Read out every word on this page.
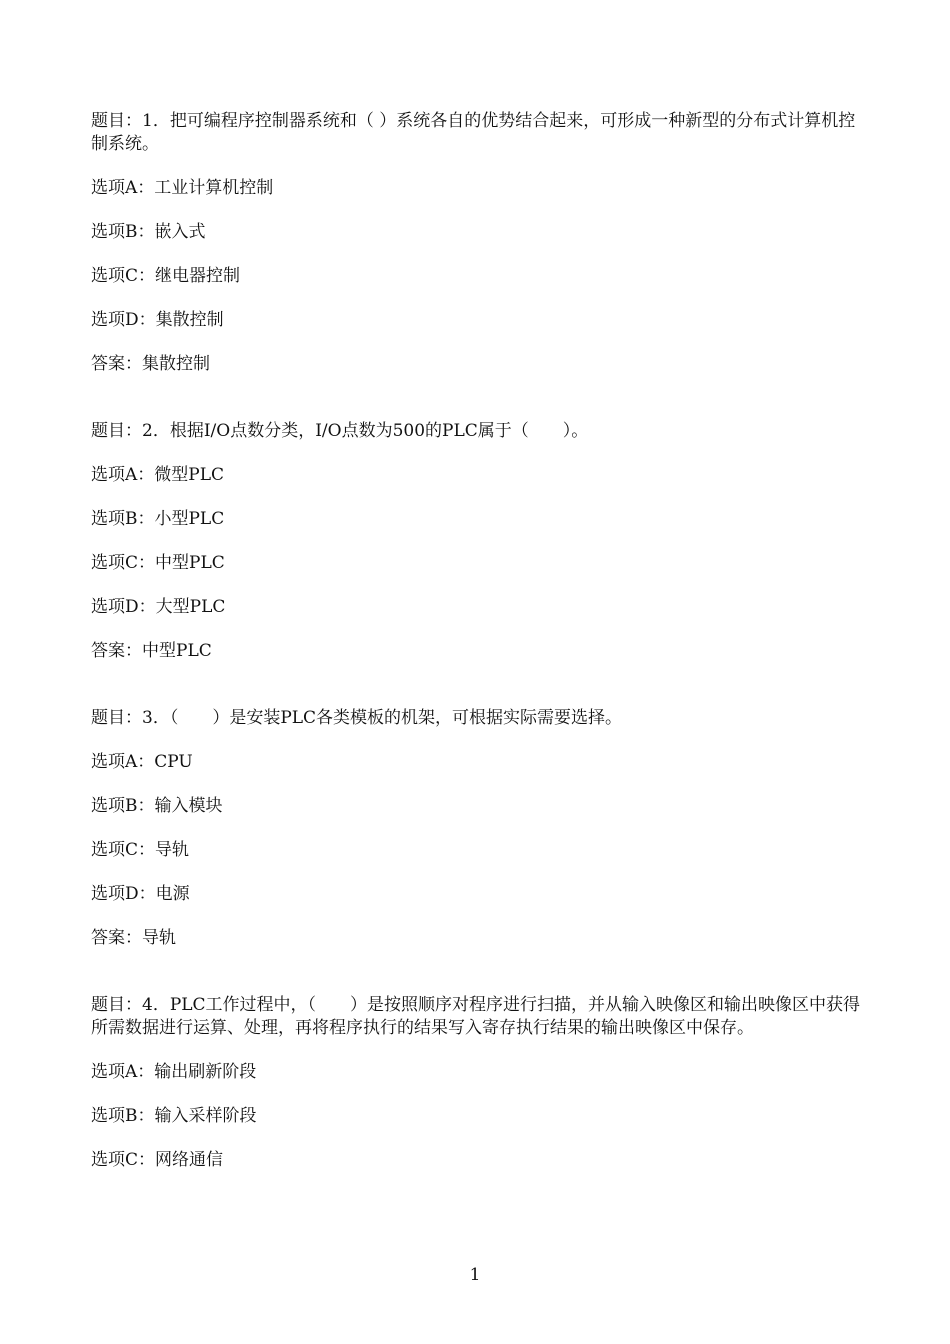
题目：1．把可编程序控制器系统和（ ）系统各自的优势结合起来，可形成一种新型的分布式计算机控制系统。

选项A：工业计算机控制

选项B：嵌入式

选项C：继电器控制

选项D：集散控制

答案：集散控制

题目：2．根据I/O点数分类，I/O点数为500的PLC属于（　　）。

选项A：微型PLC

选项B：小型PLC

选项C：中型PLC

选项D：大型PLC

答案：中型PLC

题目：3．（　　）是安装PLC各类模板的机架，可根据实际需要选择。

选项A：CPU

选项B：输入模块

选项C：导轨

选项D：电源

答案：导轨

题目：4．PLC工作过程中，（　　）是按照顺序对程序进行扫描，并从输入映像区和输出映像区中获得所需数据进行运算、处理，再将程序执行的结果写入寄存执行结果的输出映像区中保存。

选项A：输出刷新阶段

选项B：输入采样阶段

选项C：网络通信

1
